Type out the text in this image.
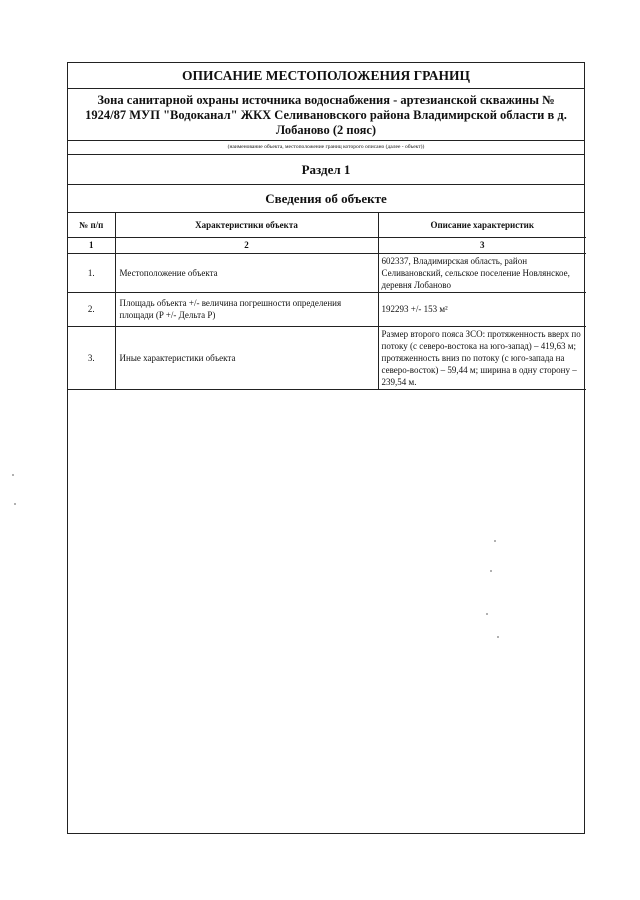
ОПИСАНИЕ МЕСТОПОЛОЖЕНИЯ ГРАНИЦ
Зона санитарной охраны источника водоснабжения - артезианской скважины № 1924/87 МУП "Водоканал" ЖКХ Селивановского района Владимирской области в д. Лобаново (2 пояс)
(наименование объекта, местоположение границ которого описано (далее - объект))
Раздел 1
Сведения об объекте
№ п/п	Характеристики объекта	Описание характеристик
1	2	3
1.	Местоположение объекта	602337, Владимирская область, район Селивановский, сельское поселение Новлянское, деревня Лобаново
2.	Площадь объекта +/- величина погрешности определения площади (P +/- Дельта P)	192293 +/- 153 м²
3.	Иные характеристики объекта	Размер второго пояса ЗСО: протяженность вверх по потоку (с северо-востока на юго-запад) – 419,63 м; протяженность вниз по потоку (с юго-запада на северо-восток) – 59,44 м; ширина в одну сторону – 239,54 м.
